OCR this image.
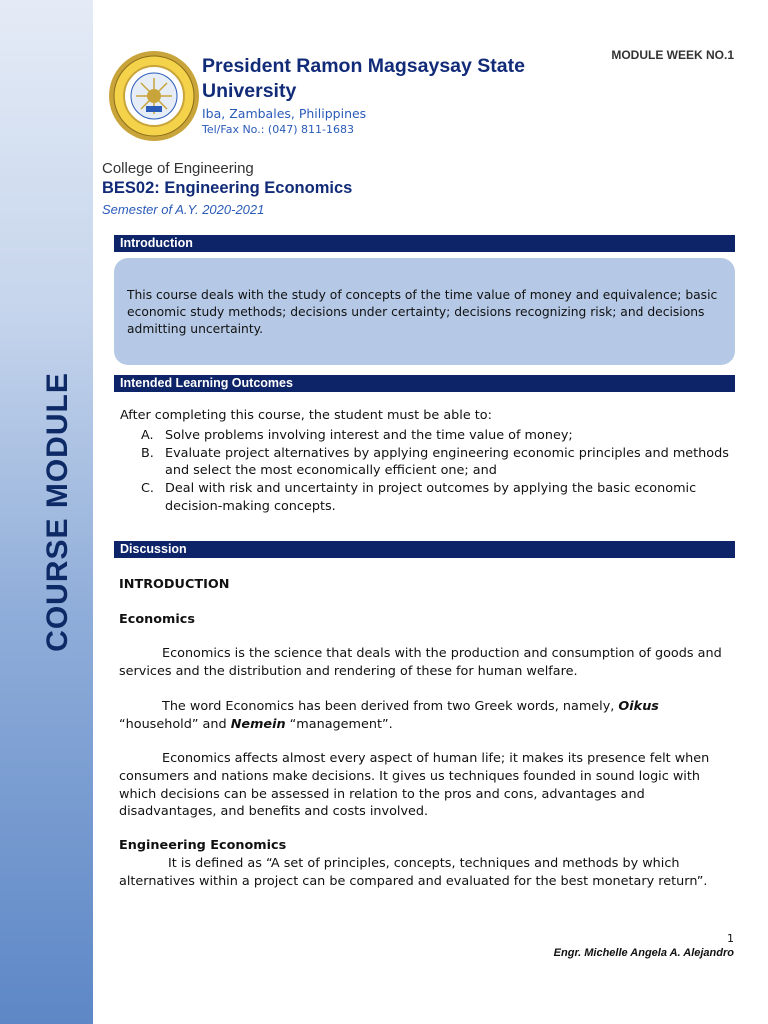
COURSE MODULE
President Ramon Magsaysay State University
Iba, Zambales, Philippines
Tel/Fax No.: (047) 811-1683
MODULE WEEK NO.1
College of Engineering
BES02: Engineering Economics
Semester of A.Y. 2020-2021
Introduction
This course deals with the study of concepts of the time value of money and equivalence; basic economic study methods; decisions under certainty; decisions recognizing risk; and decisions admitting uncertainty.
Intended Learning Outcomes
After completing this course, the student must be able to:
A. Solve problems involving interest and the time value of money;
B. Evaluate project alternatives by applying engineering economic principles and methods and select the most economically efficient one; and
C. Deal with risk and uncertainty in project outcomes by applying the basic economic decision-making concepts.
Discussion

INTRODUCTION

Economics

Economics is the science that deals with the production and consumption of goods and services and the distribution and rendering of these for human welfare.

The word Economics has been derived from two Greek words, namely, Oikus “household” and Nemein “management”.

Economics affects almost every aspect of human life; it makes its presence felt when consumers and nations make decisions. It gives us techniques founded in sound logic with which decisions can be assessed in relation to the pros and cons, advantages and disadvantages, and benefits and costs involved.

Engineering Economics

It is defined as “A set of principles, concepts, techniques and methods by which alternatives within a project can be compared and evaluated for the best monetary return”.

1
Engr. Michelle Angela A. Alejandro
